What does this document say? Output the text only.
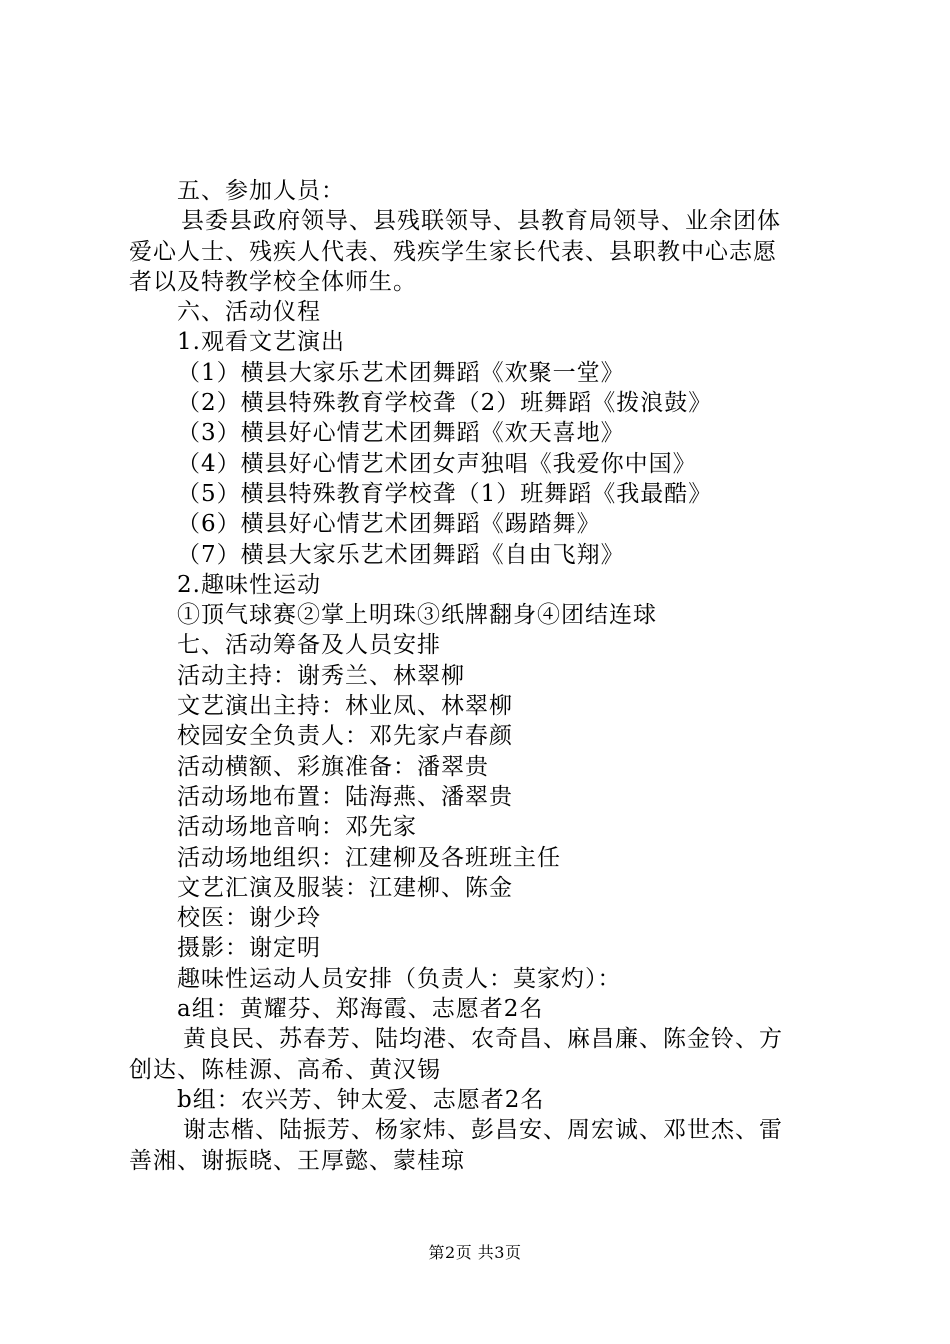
五、参加人员：
县委县政府领导、县残联领导、县教育局领导、业余团体
爱心人士、残疾人代表、残疾学生家长代表、县职教中心志愿
者以及特教学校全体师生。
六、活动仪程
1.观看文艺演出
（1）横县大家乐艺术团舞蹈《欢聚一堂》
（2）横县特殊教育学校聋（2）班舞蹈《拨浪鼓》
（3）横县好心情艺术团舞蹈《欢天喜地》
（4）横县好心情艺术团女声独唱《我爱你中国》
（5）横县特殊教育学校聋（1）班舞蹈《我最酷》
（6）横县好心情艺术团舞蹈《踢踏舞》
（7）横县大家乐艺术团舞蹈《自由飞翔》
2.趣味性运动
①顶气球赛②掌上明珠③纸牌翻身④团结连球
七、活动筹备及人员安排
活动主持：谢秀兰、林翠柳
文艺演出主持：林业凤、林翠柳
校园安全负责人：邓先家卢春颜
活动横额、彩旗准备：潘翠贵
活动场地布置：陆海燕、潘翠贵
活动场地音响：邓先家
活动场地组织：江建柳及各班班主任
文艺汇演及服装：江建柳、陈金
校医：谢少玲
摄影：谢定明
趣味性运动人员安排（负责人：莫家灼）：
a组：黄耀芬、郑海霞、志愿者2名
黄良民、苏春芳、陆均港、农奇昌、麻昌廉、陈金铃、方
创达、陈桂源、高希、黄汉锡
b组：农兴芳、钟太爱、志愿者2名
谢志楷、陆振芳、杨家炜、彭昌安、周宏诚、邓世杰、雷
善湘、谢振晓、王厚懿、蒙桂琼
第2页 共3页
